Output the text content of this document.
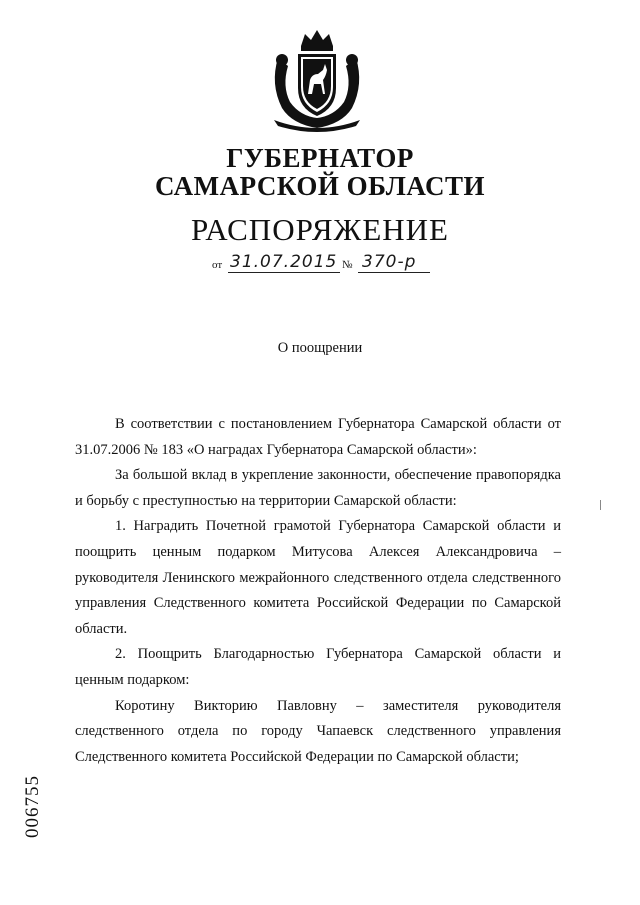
ГУБЕРНАТОР
САМАРСКОЙ ОБЛАСТИ
РАСПОРЯЖЕНИЕ
от 31.07.2015 № 370-р
О поощрении

В соответствии с постановлением Губернатора Самарской области от 31.07.2006 № 183 «О наградах Губернатора Самарской области»:

За большой вклад в укрепление законности, обеспечение правопорядка и борьбу с преступностью на территории Самарской области:

1. Наградить Почетной грамотой Губернатора Самарской области и поощрить ценным подарком Митусова Алексея Александровича – руководителя Ленинского межрайонного следственного отдела следственного управления Следственного комитета Российской Федерации по Самарской области.

2. Поощрить Благодарностью Губернатора Самарской области и ценным подарком:

Коротину Викторию Павловну – заместителя руководителя следственного отдела по городу Чапаевск следственного управления Следственного комитета Российской Федерации по Самарской области;

006755
